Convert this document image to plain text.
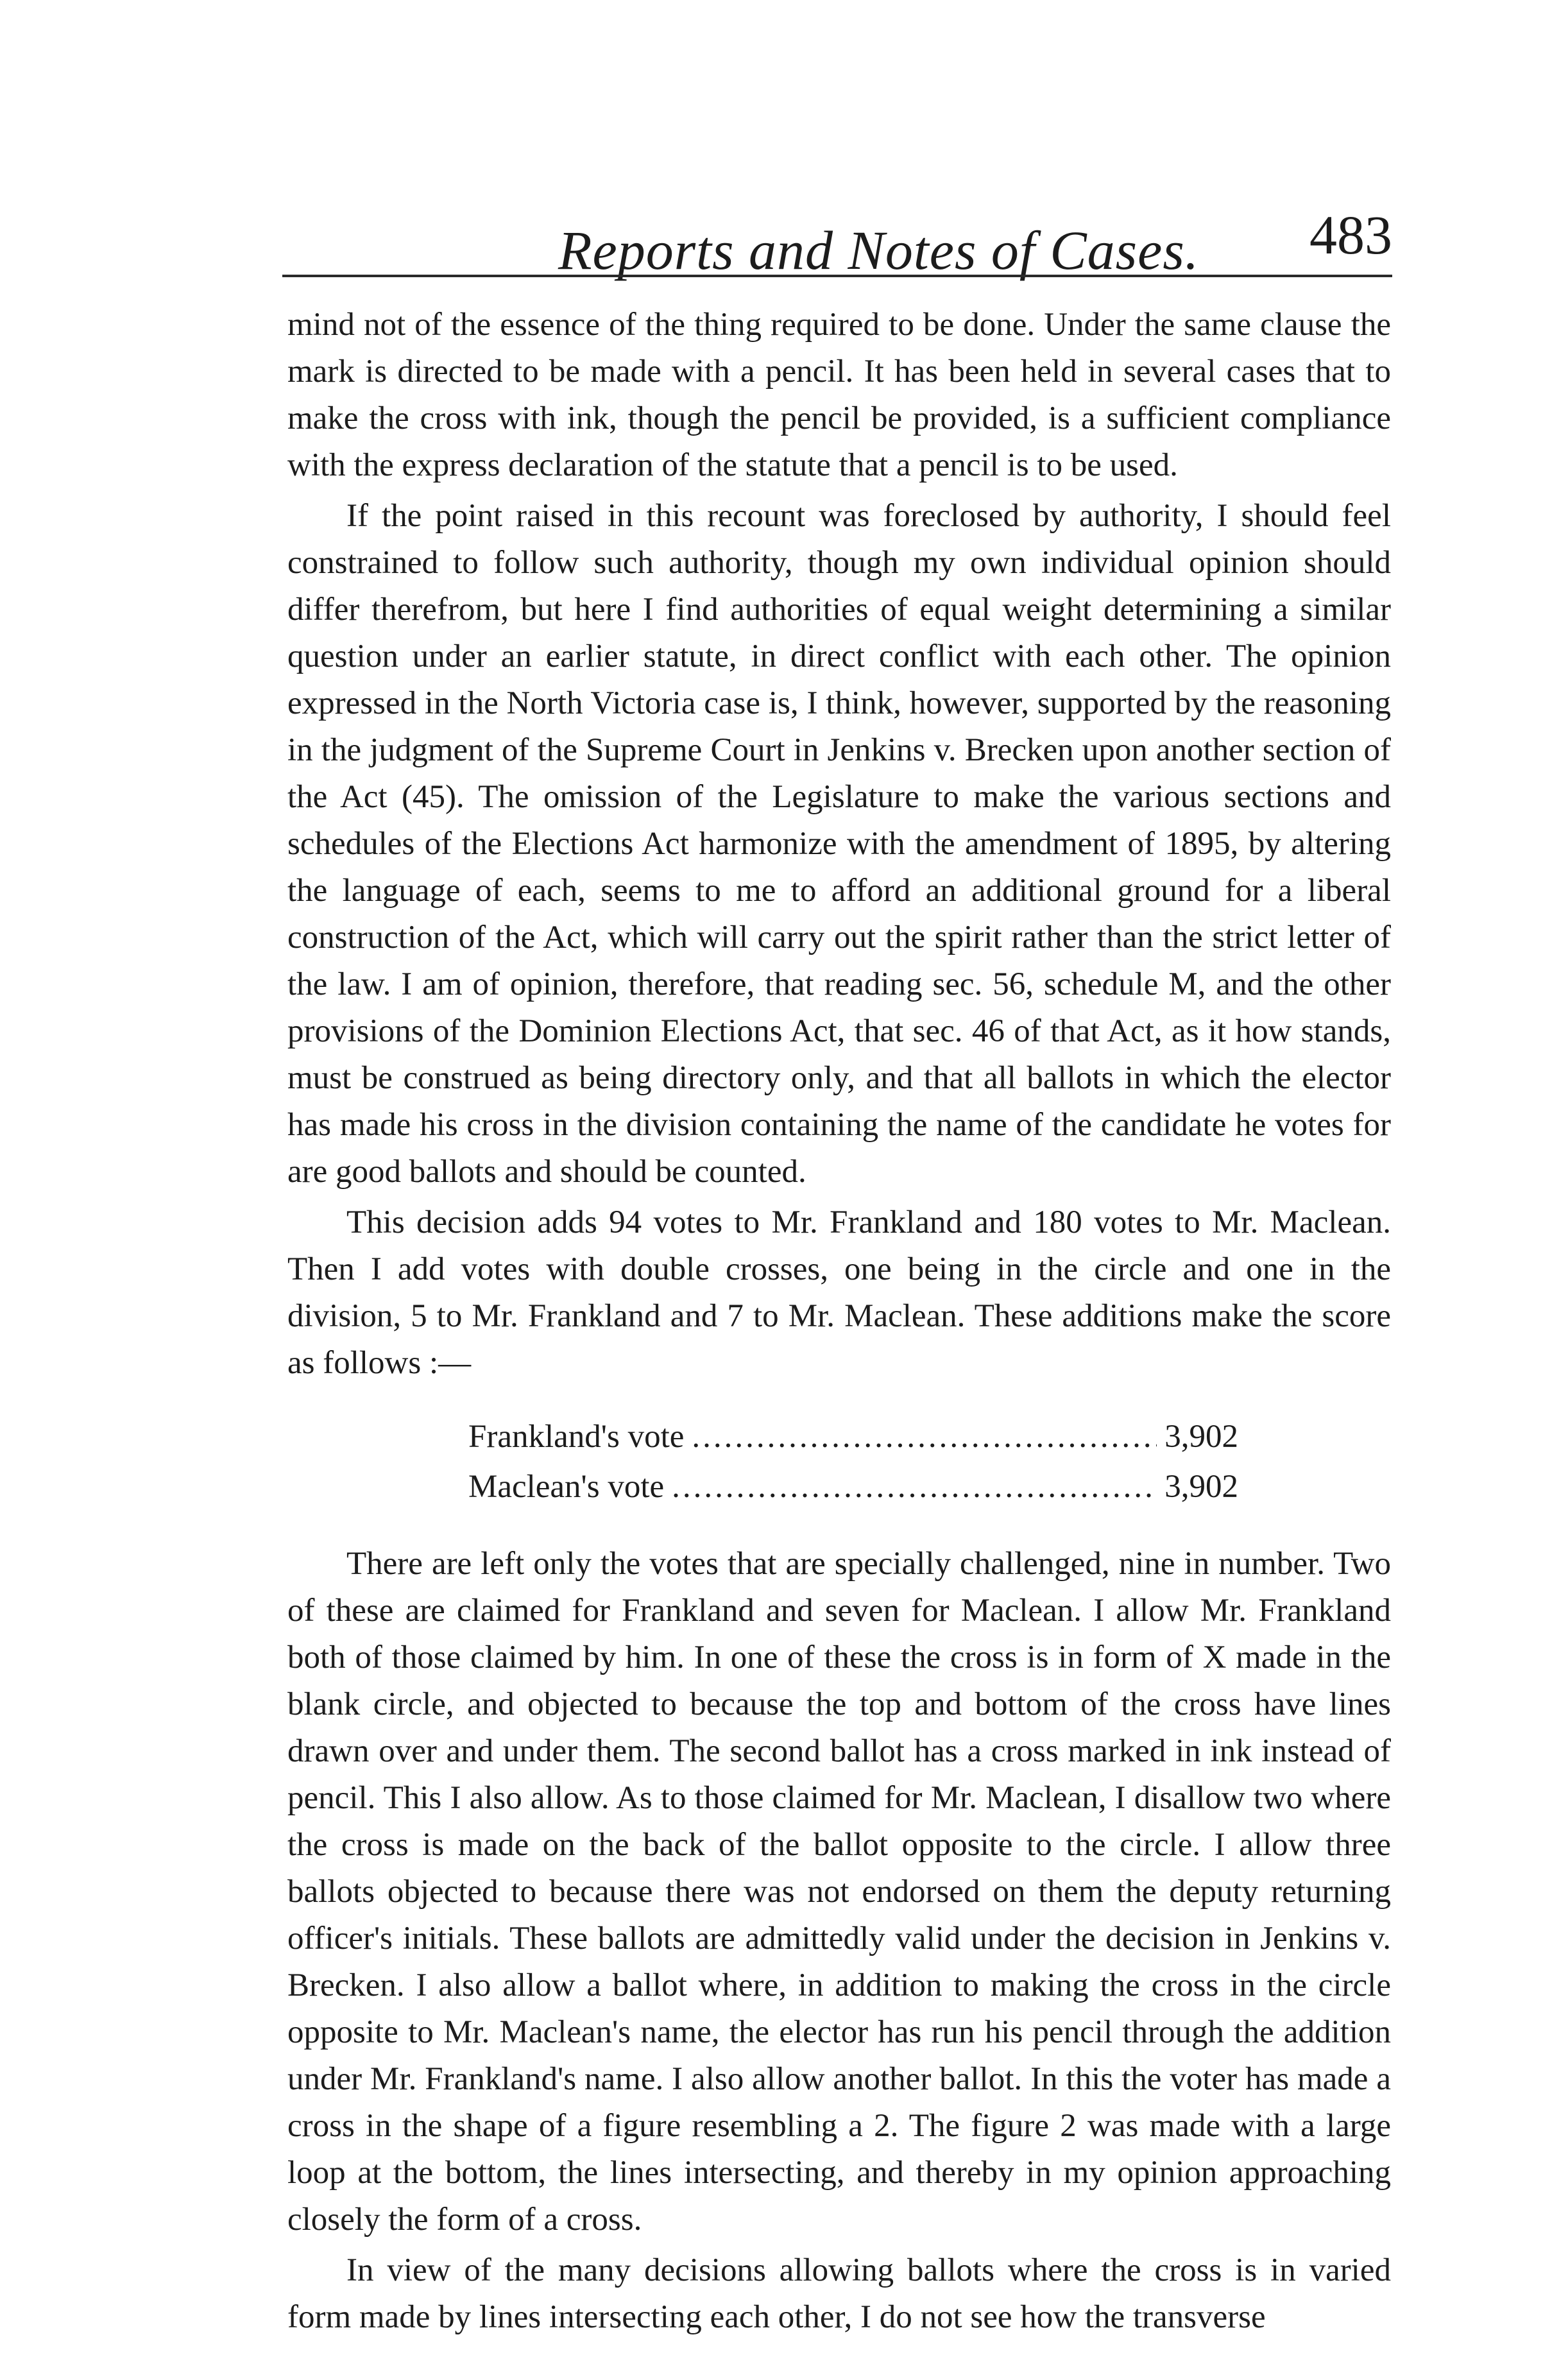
Reports and Notes of Cases. 483

mind not of the essence of the thing required to be done. Under the same clause the mark is directed to be made with a pencil. It has been held in several cases that to make the cross with ink, though the pencil be provided, is a sufficient compliance with the express declaration of the statute that a pencil is to be used.

If the point raised in this recount was foreclosed by authority, I should feel constrained to follow such authority, though my own individual opinion should differ therefrom, but here I find authorities of equal weight determining a similar question under an earlier statute, in direct conflict with each other. The opinion expressed in the North Victoria case is, I think, however, supported by the reasoning in the judgment of the Supreme Court in Jenkins v. Brecken upon another section of the Act (45). The omission of the Legislature to make the various sections and schedules of the Elections Act harmonize with the amendment of 1895, by altering the language of each, seems to me to afford an additional ground for a liberal construction of the Act, which will carry out the spirit rather than the strict letter of the law. I am of opinion, therefore, that reading sec. 56, schedule M, and the other provisions of the Dominion Elections Act, that sec. 46 of that Act, as it how stands, must be construed as being directory only, and that all ballots in which the elector has made his cross in the division containing the name of the candidate he votes for are good ballots and should be counted.

This decision adds 94 votes to Mr. Frankland and 180 votes to Mr. Maclean. Then I add votes with double crosses, one being in the circle and one in the division, 5 to Mr. Frankland and 7 to Mr. Maclean. These additions make the score as follows :—

Frankland's vote .....	3,902
Maclean's vote .....	3,902

There are left only the votes that are specially challenged, nine in number. Two of these are claimed for Frankland and seven for Maclean. I allow Mr. Frankland both of those claimed by him. In one of these the cross is in form of X made in the blank circle, and objected to because the top and bottom of the cross have lines drawn over and under them. The second ballot has a cross marked in ink instead of pencil. This I also allow. As to those claimed for Mr. Maclean, I disallow two where the cross is made on the back of the ballot opposite to the circle. I allow three ballots objected to because there was not endorsed on them the deputy returning officer's initials. These ballots are admittedly valid under the decision in Jenkins v. Brecken. I also allow a ballot where, in addition to making the cross in the circle opposite to Mr. Maclean's name, the elector has run his pencil through the addition under Mr. Frankland's name. I also allow another ballot. In this the voter has made a cross in the shape of a figure resembling a 2. The figure 2 was made with a large loop at the bottom, the lines intersecting, and thereby in my opinion approaching closely the form of a cross.

In view of the many decisions allowing ballots where the cross is in varied form made by lines intersecting each other, I do not see how the transverse
